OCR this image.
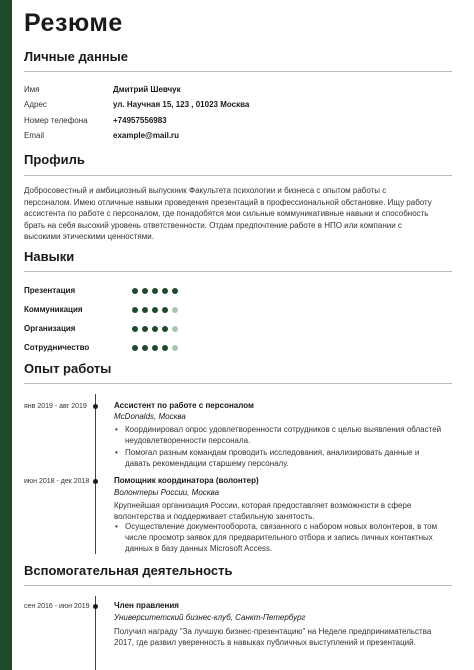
Резюме
Личные данные
Имя	Дмитрий Шевчук
Адрес	ул. Научная 15, 123 , 01023 Москва
Номер телефона	+74957556983
Email	example@mail.ru
Профиль
Добросовестный и амбициозный выпускник Факультета психологии и бизнеса с опытом работы с персоналом. Имею отличные навыки проведения презентаций в профессиональной обстановке. Ищу работу ассистента по работе с персоналом, где понадобятся мои сильные коммуникативные навыки и способность брать на себя высокий уровень ответственности. Отдам предпочтение работе в НПО или компании с высокими этическими ценностями.
Навыки
Презентация
Коммуникация
Организация
Сотрудничество
Опыт работы
янв 2019 - авг 2019	Ассистент по работе с персоналом
McDonalds, Москва
• Координировал опрос удовлетворенности сотрудников с целью выявления областей неудовлетворенности персонала.
• Помогал разным командам проводить исследования, анализировать данные и давать рекомендации старшему персоналу.
июн 2018 - дек 2018	Помощник координатора (волонтер)
Волонтеры России, Москва
Крупнейшая организация России, которая предоставляет возможности в сфере волонтерства и поддерживает стабильную занятость.
• Осуществление документооборота, связанного с набором новых волонтеров, в том числе просмотр заявок для предварительного отбора и запись личных контактных данных в базу данных Microsoft Access.
Вспомогательная деятельность
сен 2016 - июн 2019	Член правления
Университетский бизнес-клуб, Санкт-Петербург
Получил награду "За лучшую бизнес-презентацию" на Неделе предпринимательства 2017, где развил уверенность в навыках публичных выступлений и презентаций.
